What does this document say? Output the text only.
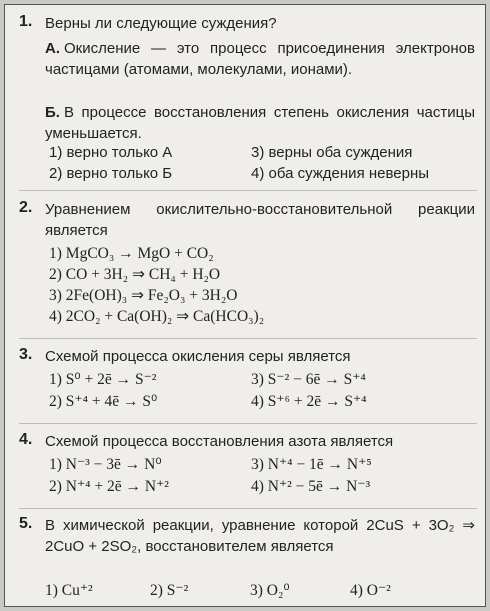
1. Верны ли следующие суждения?
А. Окисление — это процесс присоединения электронов частицами (атомами, молекулами, ионами).
Б. В процессе восстановления степень окисления частицы уменьшается.
1) верно только А	3) верны оба суждения
2) верно только Б	4) оба суждения неверны
2. Уравнением окислительно-восстановительной реакции является
1) MgCO₃ → MgO + CO₂
2) CO + 3H₂ ⇒ CH₄ + H₂O
3) 2Fe(OH)₃ ⇒ Fe₂O₃ + 3H₂O
4) 2CO₂ + Ca(OH)₂ ⇒ Ca(HCO₃)₂
3. Схемой процесса окисления серы является
1) S⁰ + 2ē → S⁻²	3) S⁻² − 6ē → S⁺⁴
2) S⁺⁴ + 4ē → S⁰	4) S⁺⁶ + 2ē → S⁺⁴
4. Схемой процесса восстановления азота является
1) N⁻³ − 3ē → N⁰	3) N⁺⁴ − 1ē → N⁺⁵
2) N⁺⁴ + 2ē → N⁺²	4) N⁺² − 5ē → N⁻³
5. В химической реакции, уравнение которой 2CuS + 3O₂ ⇒ 2CuO + 2SO₂, восстановителем является
1) Cu⁺²	2) S⁻²	3) O₂⁰	4) O⁻²
